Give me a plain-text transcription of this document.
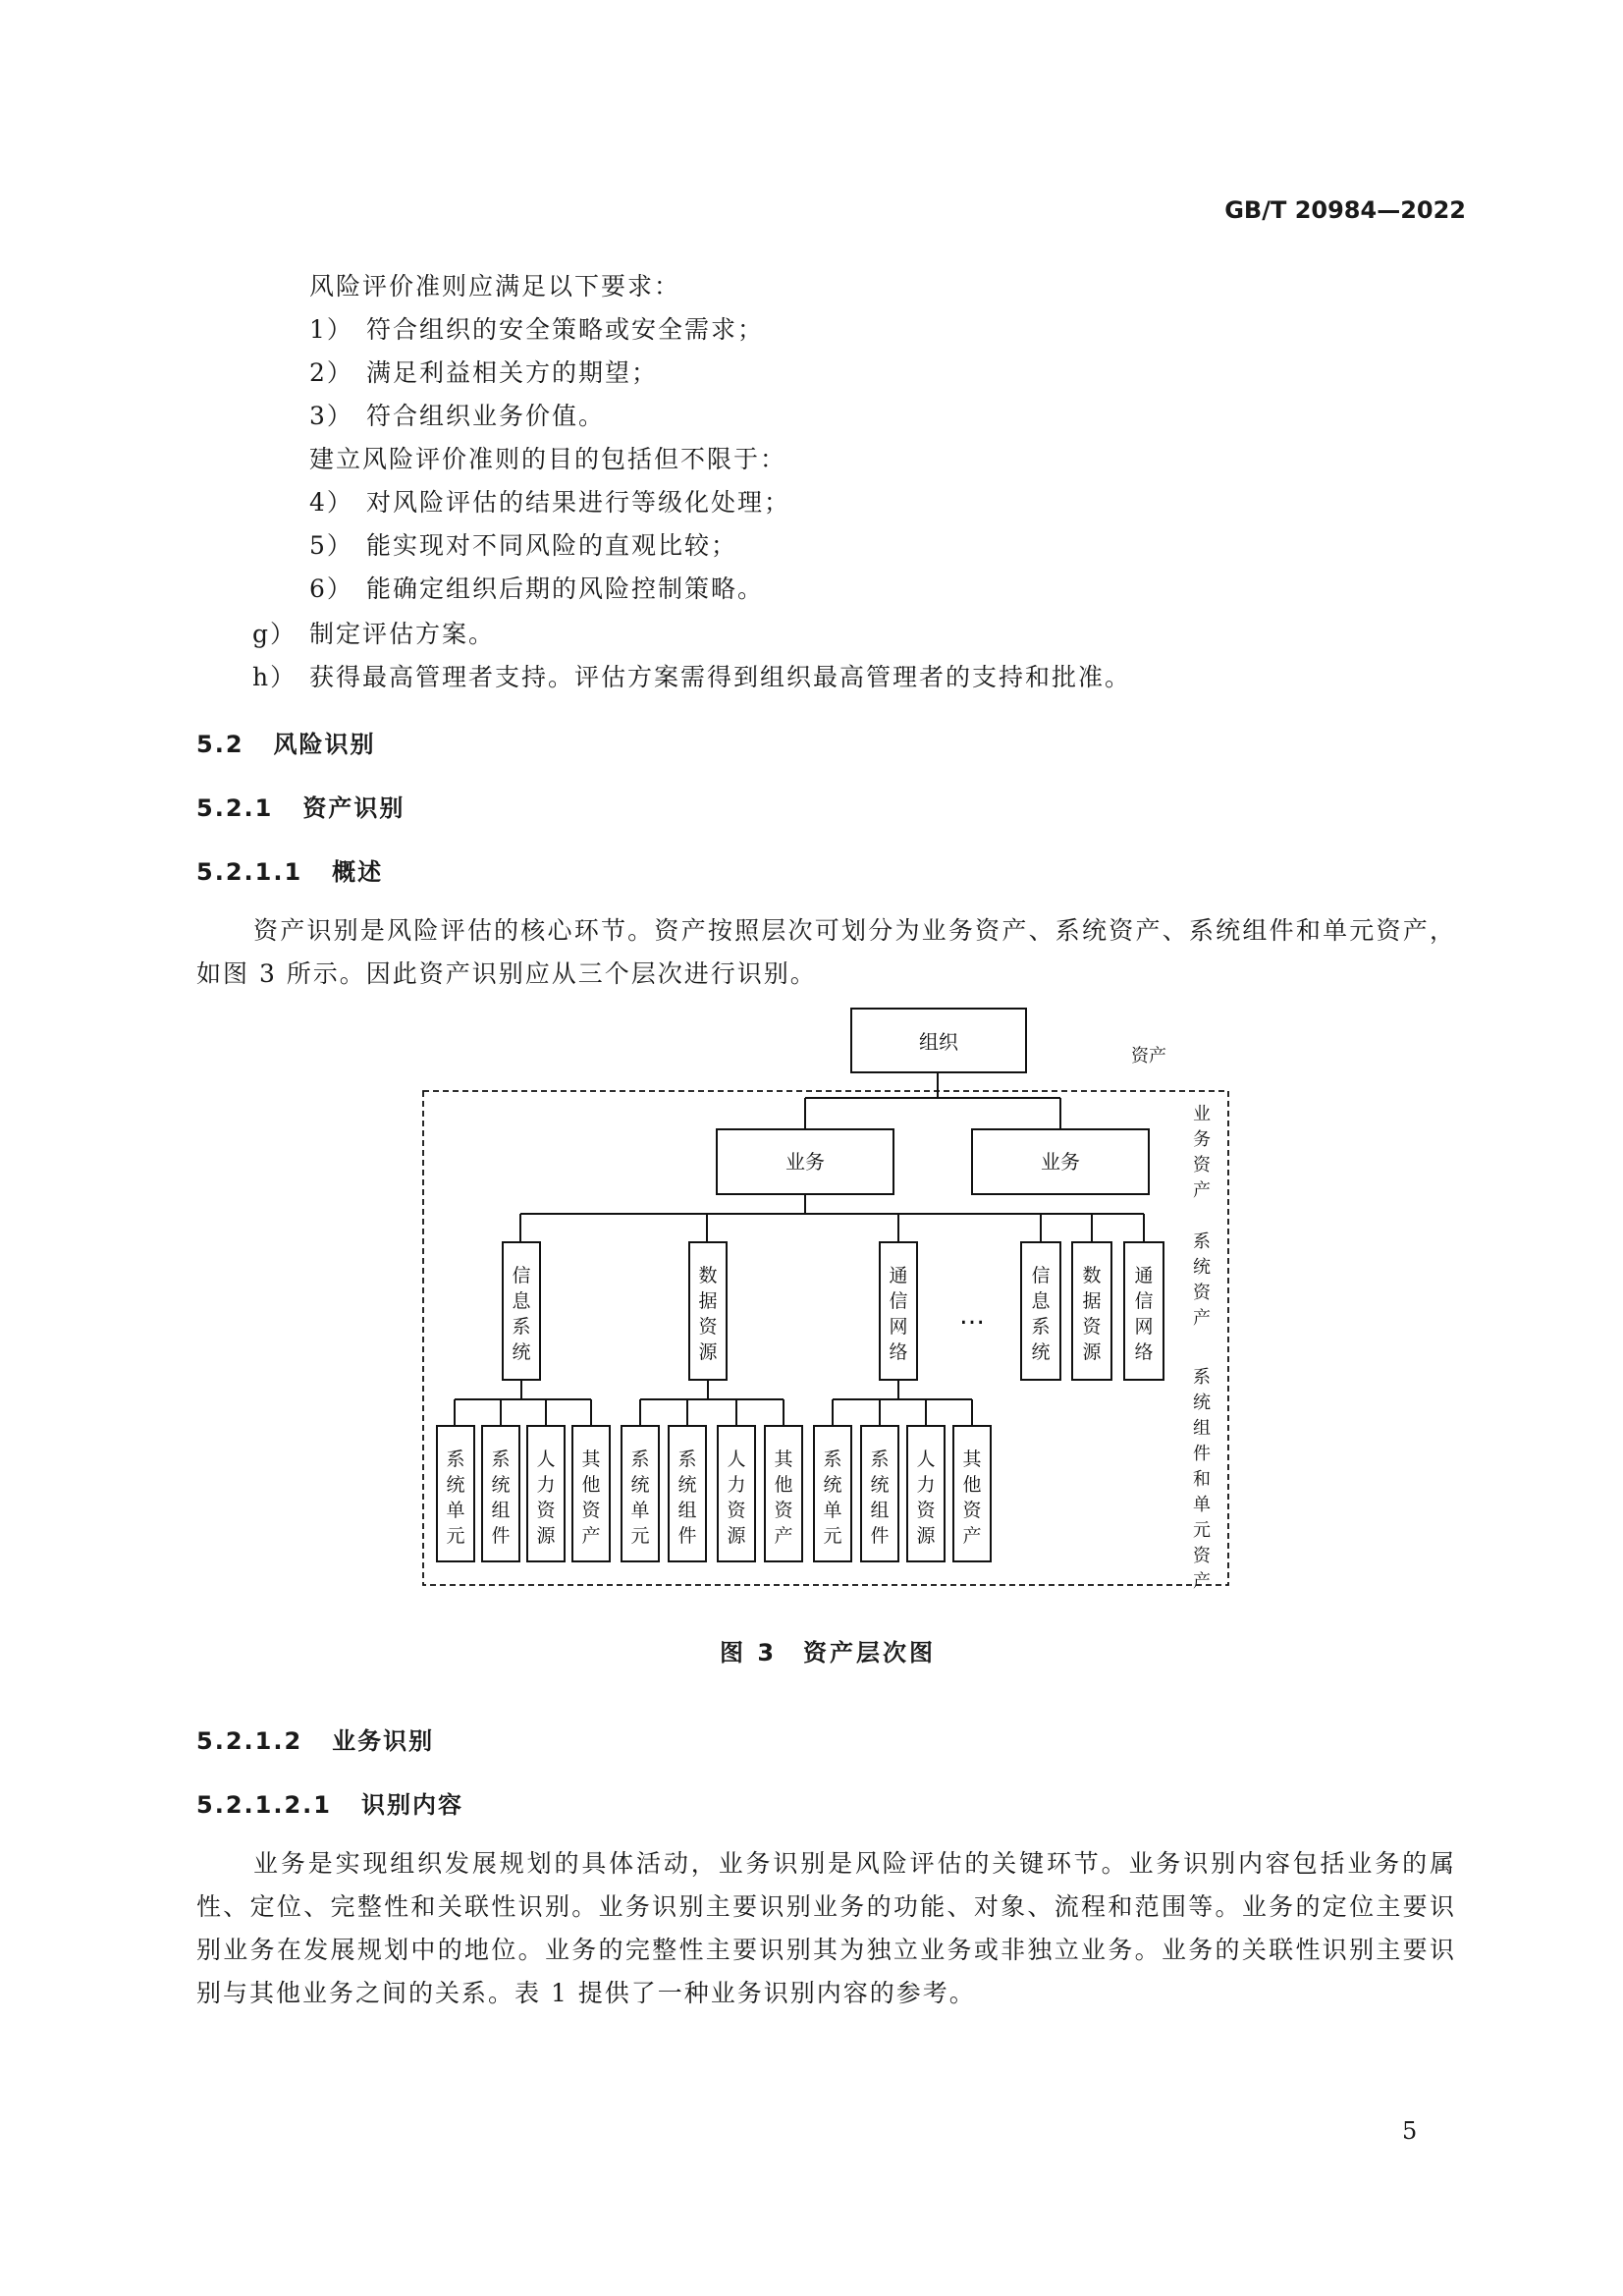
GB/T 20984—2022
风险评价准则应满足以下要求：
1） 符合组织的安全策略或安全需求；
2） 满足利益相关方的期望；
3） 符合组织业务价值。
建立风险评价准则的目的包括但不限于：
4） 对风险评估的结果进行等级化处理；
5） 能实现对不同风险的直观比较；
6） 能确定组织后期的风险控制策略。
g） 制定评估方案。
h） 获得最高管理者支持。评估方案需得到组织最高管理者的支持和批准。
5.2 风险识别
5.2.1 资产识别
5.2.1.1 概述
资产识别是风险评估的核心环节。资产按照层次可划分为业务资产、系统资产、系统组件和单元资产，如图 3 所示。因此资产识别应从三个层次进行识别。
组织
资产
业务	业务
…
信息系统
数据资源
通信网络
信息系统
数据资源
通信网络
系统单元
系统组件
人力资源
其他资产
系统单元
系统组件
人力资源
其他资产
系统单元
系统组件
人力资源
其他资产
业务资产
系统资产
系统组件和单元资产
图 3　资产层次图
5.2.1.2 业务识别
5.2.1.2.1 识别内容
业务是实现组织发展规划的具体活动，业务识别是风险评估的关键环节。业务识别内容包括业务的属性、定位、完整性和关联性识别。业务识别主要识别业务的功能、对象、流程和范围等。业务的定位主要识别业务在发展规划中的地位。业务的完整性主要识别其为独立业务或非独立业务。业务的关联性识别主要识别与其他业务之间的关系。表 1 提供了一种业务识别内容的参考。
5
